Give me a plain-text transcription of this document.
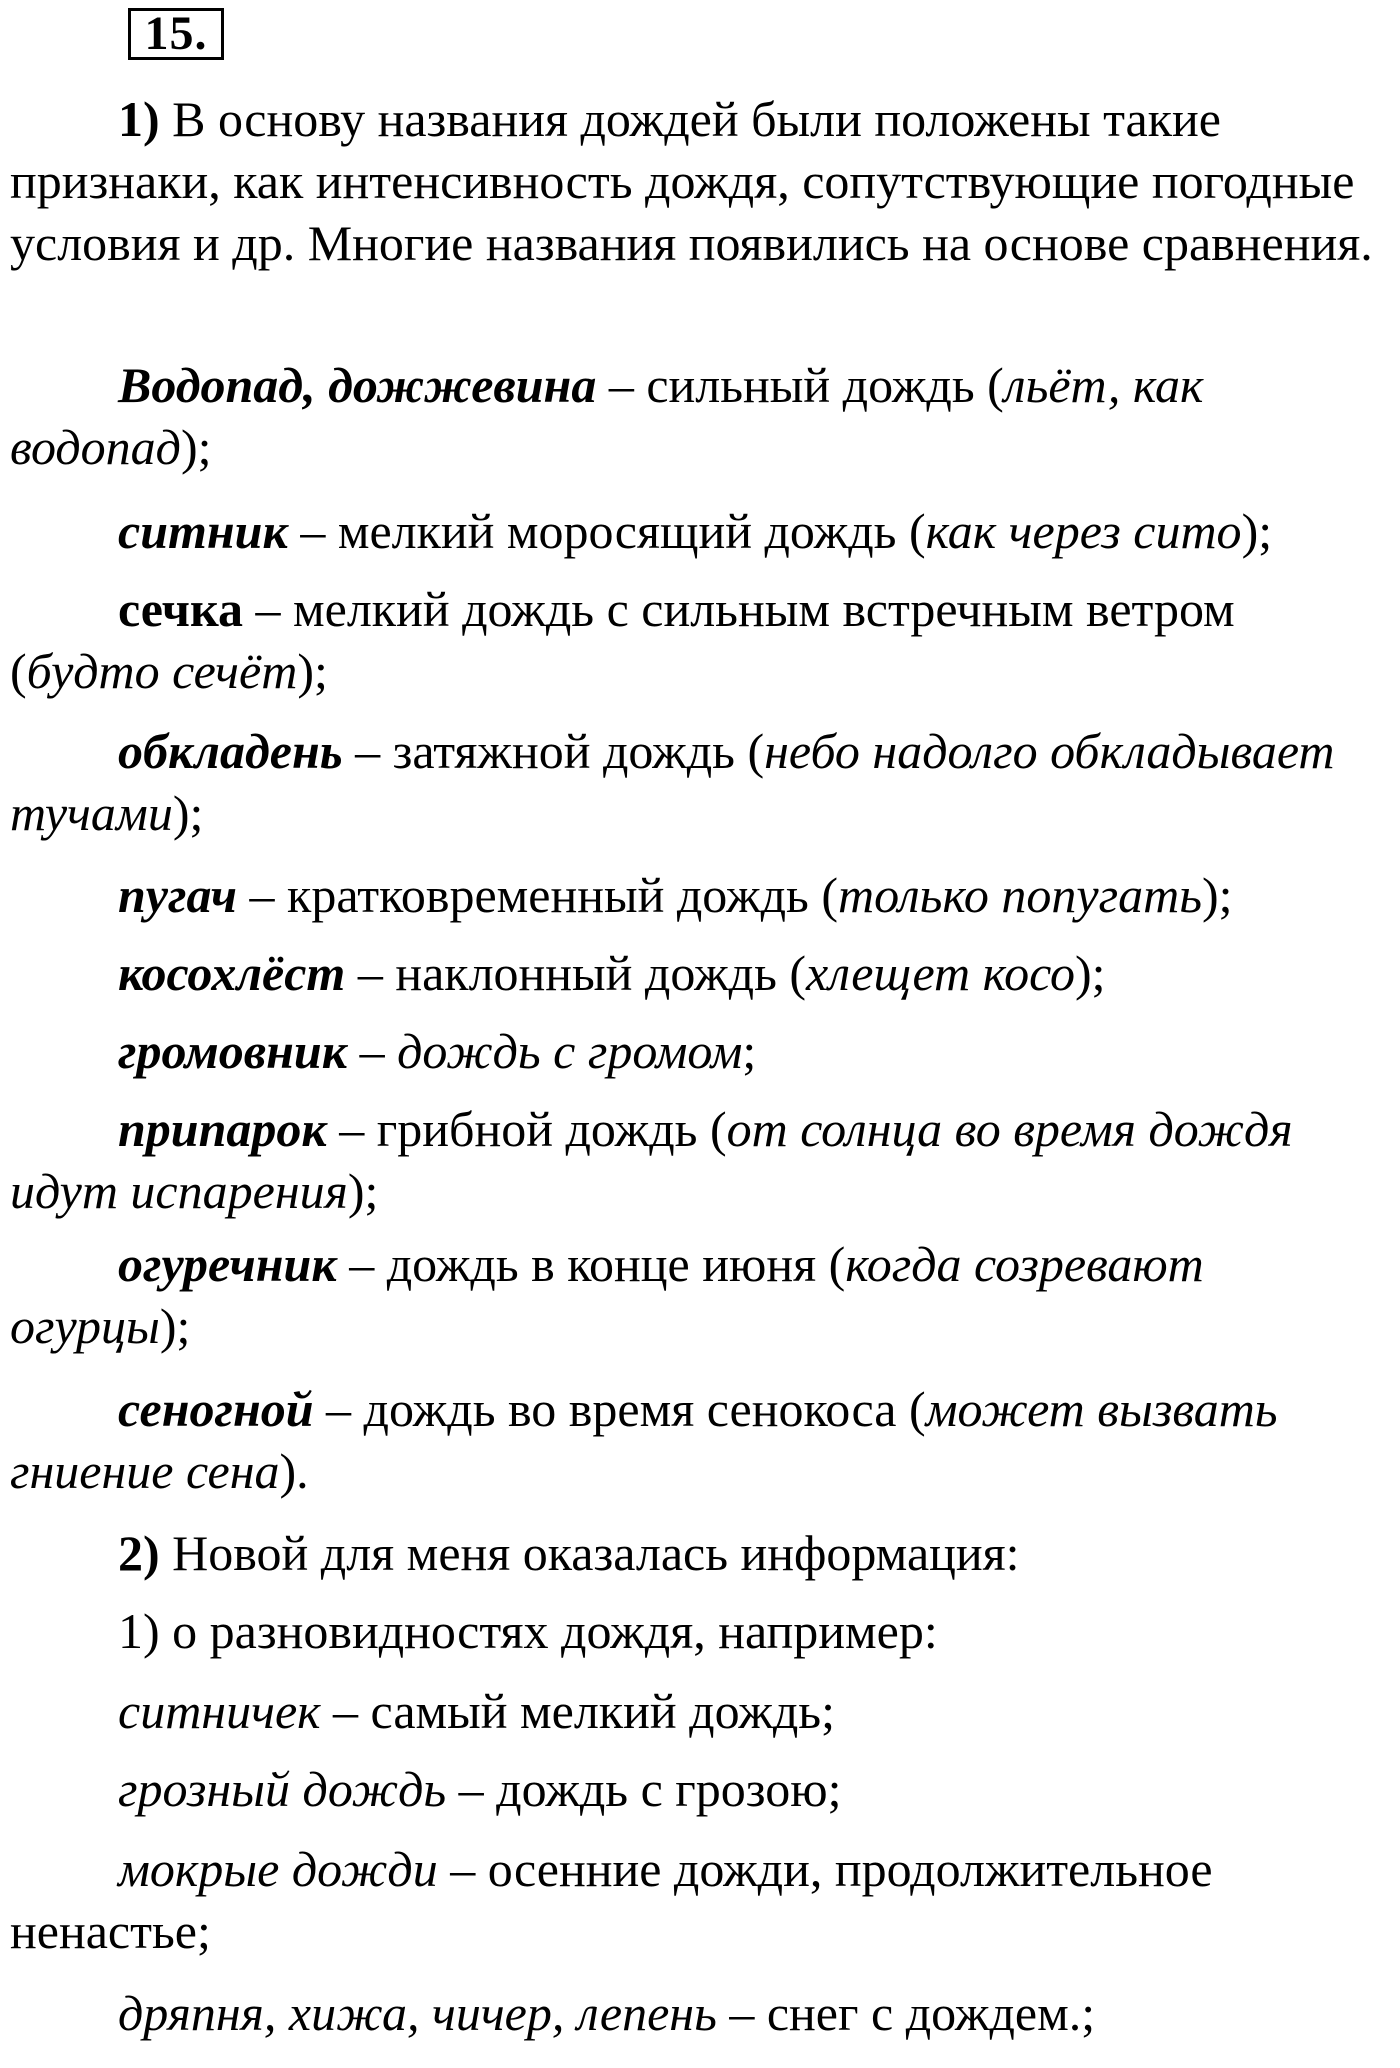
15.

1) В основу названия дождей были положены такие признаки, как интенсивность дождя, сопутствующие погодные условия и др. Многие названия появились на основе сравнения.

Водопад, дожжевина – сильный дождь (льёт, как водопад);

ситник – мелкий моросящий дождь (как через сито);

сечка – мелкий дождь с сильным встречным ветром (будто сечёт);

обкладень – затяжной дождь (небо надолго обкладывает тучами);

пугач – кратковременный дождь (только попугать);

косохлёст – наклонный дождь (хлещет косо);

громовник – дождь с громом;

припарок – грибной дождь (от солнца во время дождя идут испарения);

огуречник – дождь в конце июня (когда созревают огурцы);

сеногной – дождь во время сенокоса (может вызвать гниение сена).

2) Новой для меня оказалась информация:

1) о разновидностях дождя, например:

ситничек – самый мелкий дождь;

грозный дождь – дождь с грозою;

мокрые дожди – осенние дожди, продолжительное ненастье;

дряпня, хижа, чичер, лепень – снег с дождем.;
